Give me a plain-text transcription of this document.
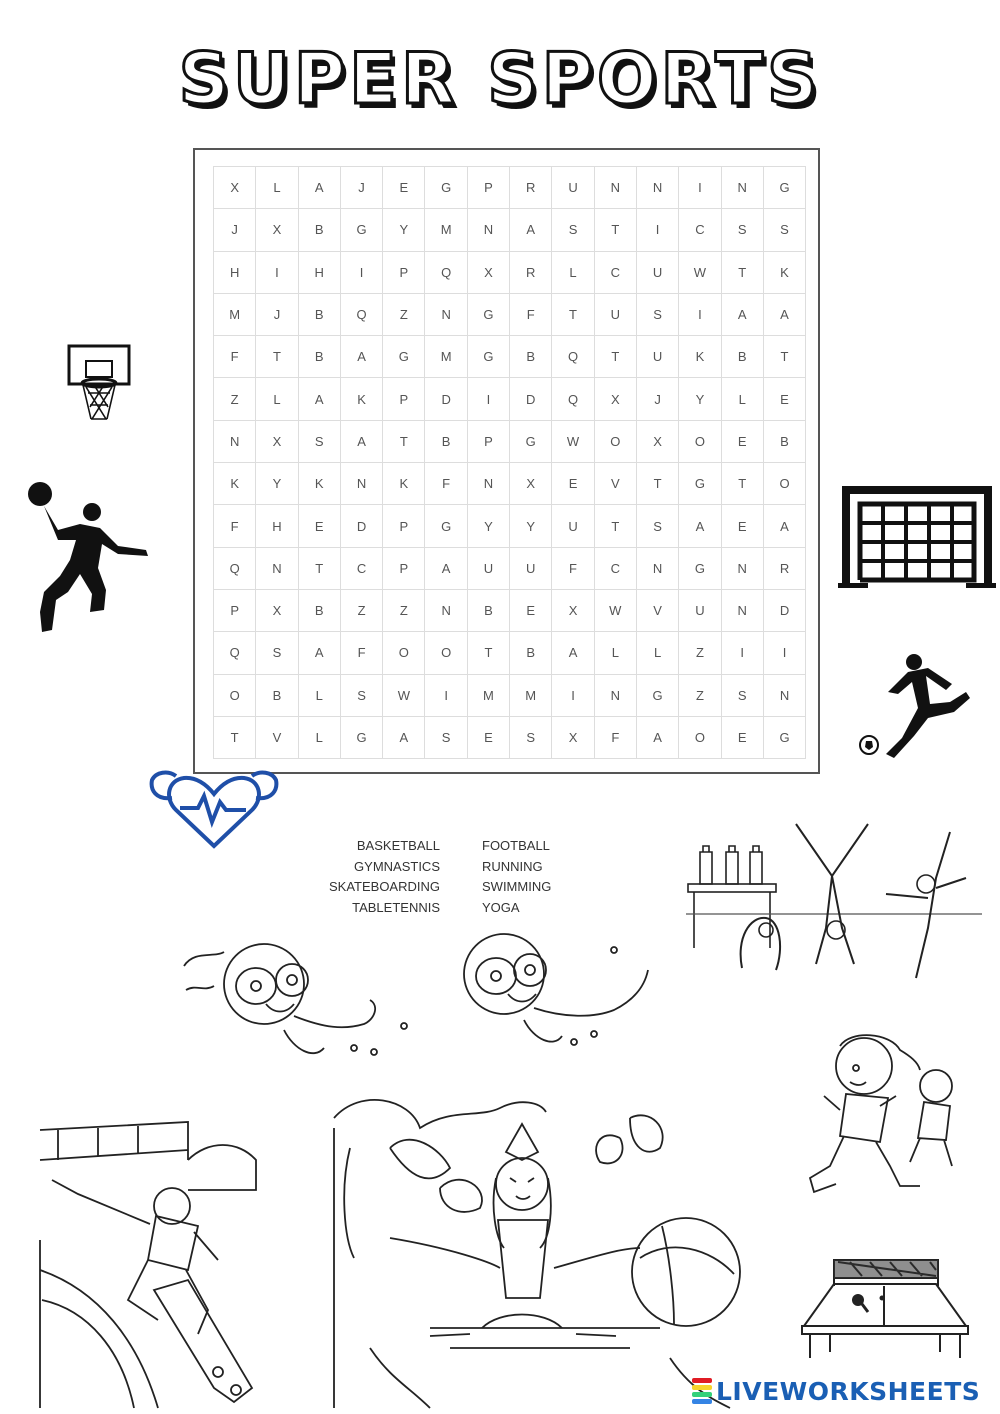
SUPER SPORTS
X	L	A	J	E	G	P	R	U	N	N	I	N	G
J	X	B	G	Y	M	N	A	S	T	I	C	S	S
H	I	H	I	P	Q	X	R	L	C	U	W	T	K
M	J	B	Q	Z	N	G	F	T	U	S	I	A	A
F	T	B	A	G	M	G	B	Q	T	U	K	B	T
Z	L	A	K	P	D	I	D	Q	X	J	Y	L	E
N	X	S	A	T	B	P	G	W	O	X	O	E	B
K	Y	K	N	K	F	N	X	E	V	T	G	T	O
F	H	E	D	P	G	Y	Y	U	T	S	A	E	A
Q	N	T	C	P	A	U	U	F	C	N	G	N	R
P	X	B	Z	Z	N	B	E	X	W	V	U	N	D
Q	S	A	F	O	O	T	B	A	L	L	Z	I	I
O	B	L	S	W	I	M	M	I	N	G	Z	S	N
T	V	L	G	A	S	E	S	X	F	A	O	E	G
BASKETBALL
GYMNASTICS
SKATEBOARDING
TABLETENNIS
FOOTBALL
RUNNING
SWIMMING
YOGA
LIVEWORKSHEETS
